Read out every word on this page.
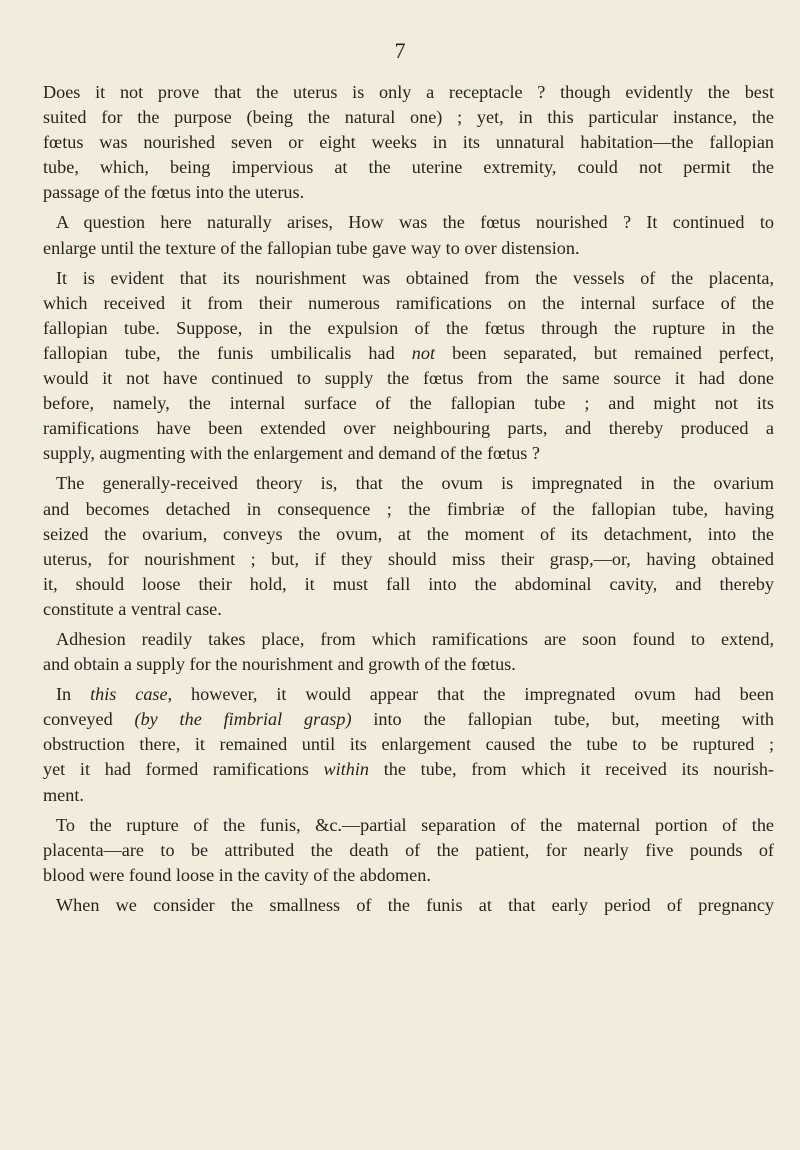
7

Does it not prove that the uterus is only a receptacle ? though evidently the best
suited for the purpose (being the natural one) ; yet, in this particular instance, the
fœtus was nourished seven or eight weeks in its unnatural habitation—the fallopian
tube, which, being impervious at the uterine extremity, could not permit the
passage of the fœtus into the uterus.

A question here naturally arises, How was the fœtus nourished ? It continued to
enlarge until the texture of the fallopian tube gave way to over distension.

It is evident that its nourishment was obtained from the vessels of the placenta,
which received it from their numerous ramifications on the internal surface of the
fallopian tube. Suppose, in the expulsion of the fœtus through the rupture in the
fallopian tube, the funis umbilicalis had not been separated, but remained perfect,
would it not have continued to supply the fœtus from the same source it had done
before, namely, the internal surface of the fallopian tube ; and might not its
ramifications have been extended over neighbouring parts, and thereby produced a
supply, augmenting with the enlargement and demand of the fœtus ?

The generally-received theory is, that the ovum is impregnated in the ovarium
and becomes detached in consequence ; the fimbriæ of the fallopian tube, having
seized the ovarium, conveys the ovum, at the moment of its detachment, into the
uterus, for nourishment ; but, if they should miss their grasp,—or, having obtained
it, should loose their hold, it must fall into the abdominal cavity, and thereby
constitute a ventral case.

Adhesion readily takes place, from which ramifications are soon found to extend,
and obtain a supply for the nourishment and growth of the fœtus.

In this case, however, it would appear that the impregnated ovum had been
conveyed (by the fimbrial grasp) into the fallopian tube, but, meeting with
obstruction there, it remained until its enlargement caused the tube to be ruptured ;
yet it had formed ramifications within the tube, from which it received its nourish-
ment.

To the rupture of the funis, &c.—partial separation of the maternal portion of the
placenta—are to be attributed the death of the patient, for nearly five pounds of
blood were found loose in the cavity of the abdomen.

When we consider the smallness of the funis at that early period of pregnancy
